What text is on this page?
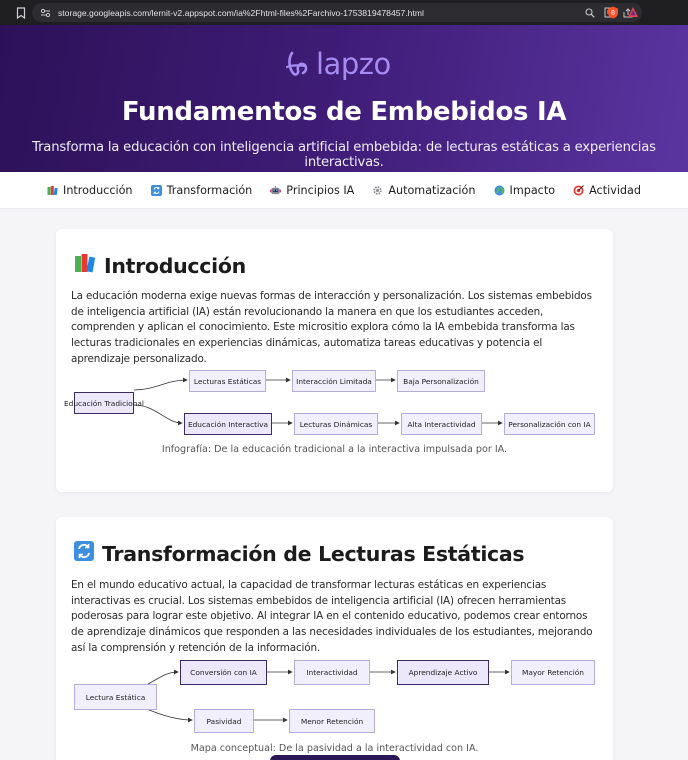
storage.googleapis.com/lernit-v2.appspot.com/ia%2Fhtml-files%2Farchivo-1753819478457.html	B
lapzo
Fundamentos de Embebidos IA

Transforma la educación con inteligencia artificial embebida: de lecturas estáticas a experiencias interactivas.

Introducción	Transformación	Principios IA	Automatización	Impacto	Actividad
Introducción

La educación moderna exige nuevas formas de interacción y personalización. Los sistemas embebidos de inteligencia artificial (IA) están revolucionando la manera en que los estudiantes acceden, comprenden y aplican el conocimiento. Este micrositio explora cómo la IA embebida transforma las lecturas tradicionales en experiencias dinámicas, automatiza tareas educativas y potencia el aprendizaje personalizado.

Educación Tradicional
Lecturas Estáticas	Interacción Limitada	Baja Personalización
Educación Interactiva	Lecturas Dinámicas	Alta Interactividad	Personalización con IA

Infografía: De la educación tradicional a la interactiva impulsada por IA.

Transformación de Lecturas Estáticas

En el mundo educativo actual, la capacidad de transformar lecturas estáticas en experiencias interactivas es crucial. Los sistemas embebidos de inteligencia artificial (IA) ofrecen herramientas poderosas para lograr este objetivo. Al integrar IA en el contenido educativo, podemos crear entornos de aprendizaje dinámicos que responden a las necesidades individuales de los estudiantes, mejorando así la comprensión y retención de la información.

Lectura Estática
Conversión con IA	Interactividad	Aprendizaje Activo	Mayor Retención
Pasividad	Menor Retención

Mapa conceptual: De la pasividad a la interactividad con IA.
